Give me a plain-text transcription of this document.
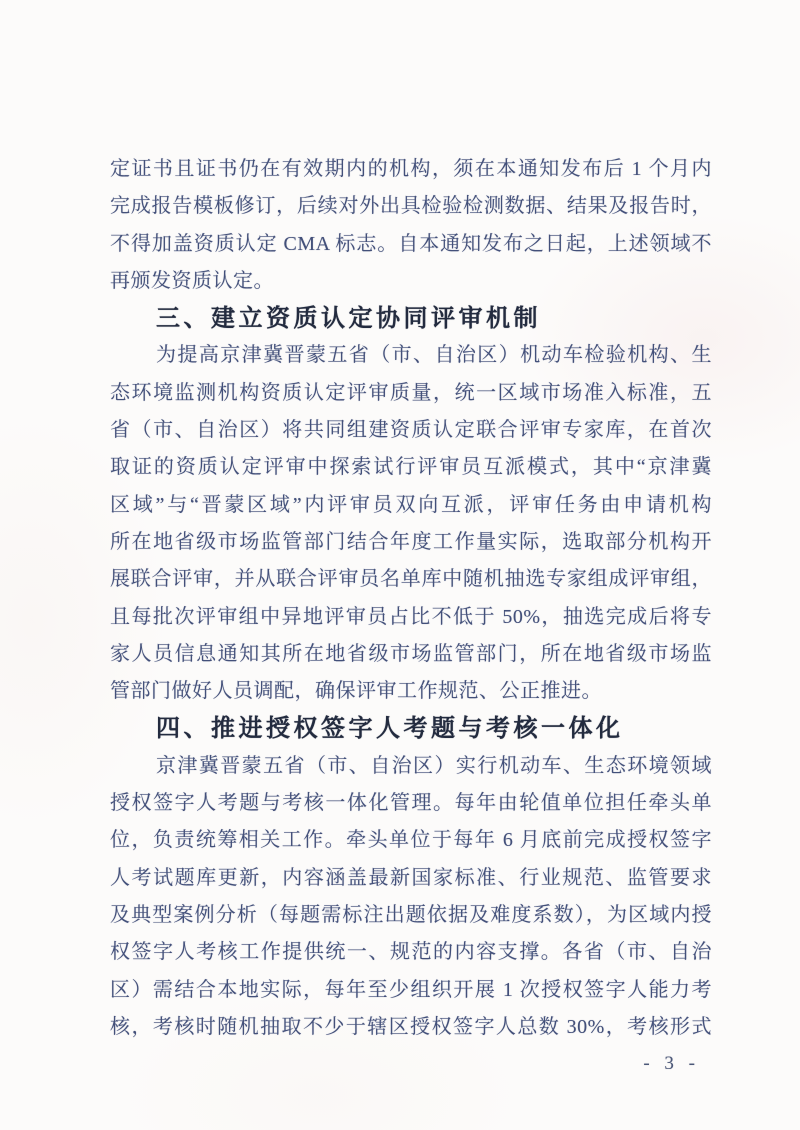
定证书且证书仍在有效期内的机构，须在本通知发布后 1 个月内
完成报告模板修订，后续对外出具检验检测数据、结果及报告时，
不得加盖资质认定 CMA 标志。自本通知发布之日起，上述领域不
再颁发资质认定。
三、建立资质认定协同评审机制
为提高京津冀晋蒙五省（市、自治区）机动车检验机构、生
态环境监测机构资质认定评审质量，统一区域市场准入标准，五
省（市、自治区）将共同组建资质认定联合评审专家库，在首次
取证的资质认定评审中探索试行评审员互派模式，其中“京津冀
区域”与“晋蒙区域”内评审员双向互派，评审任务由申请机构
所在地省级市场监管部门结合年度工作量实际，选取部分机构开
展联合评审，并从联合评审员名单库中随机抽选专家组成评审组，
且每批次评审组中异地评审员占比不低于 50%，抽选完成后将专
家人员信息通知其所在地省级市场监管部门，所在地省级市场监
管部门做好人员调配，确保评审工作规范、公正推进。
四、推进授权签字人考题与考核一体化
京津冀晋蒙五省（市、自治区）实行机动车、生态环境领域
授权签字人考题与考核一体化管理。每年由轮值单位担任牵头单
位，负责统筹相关工作。牵头单位于每年 6 月底前完成授权签字
人考试题库更新，内容涵盖最新国家标准、行业规范、监管要求
及典型案例分析（每题需标注出题依据及难度系数），为区域内授
权签字人考核工作提供统一、规范的内容支撑。各省（市、自治
区）需结合本地实际，每年至少组织开展 1 次授权签字人能力考
核，考核时随机抽取不少于辖区授权签字人总数 30%，考核形式
- 3 -
